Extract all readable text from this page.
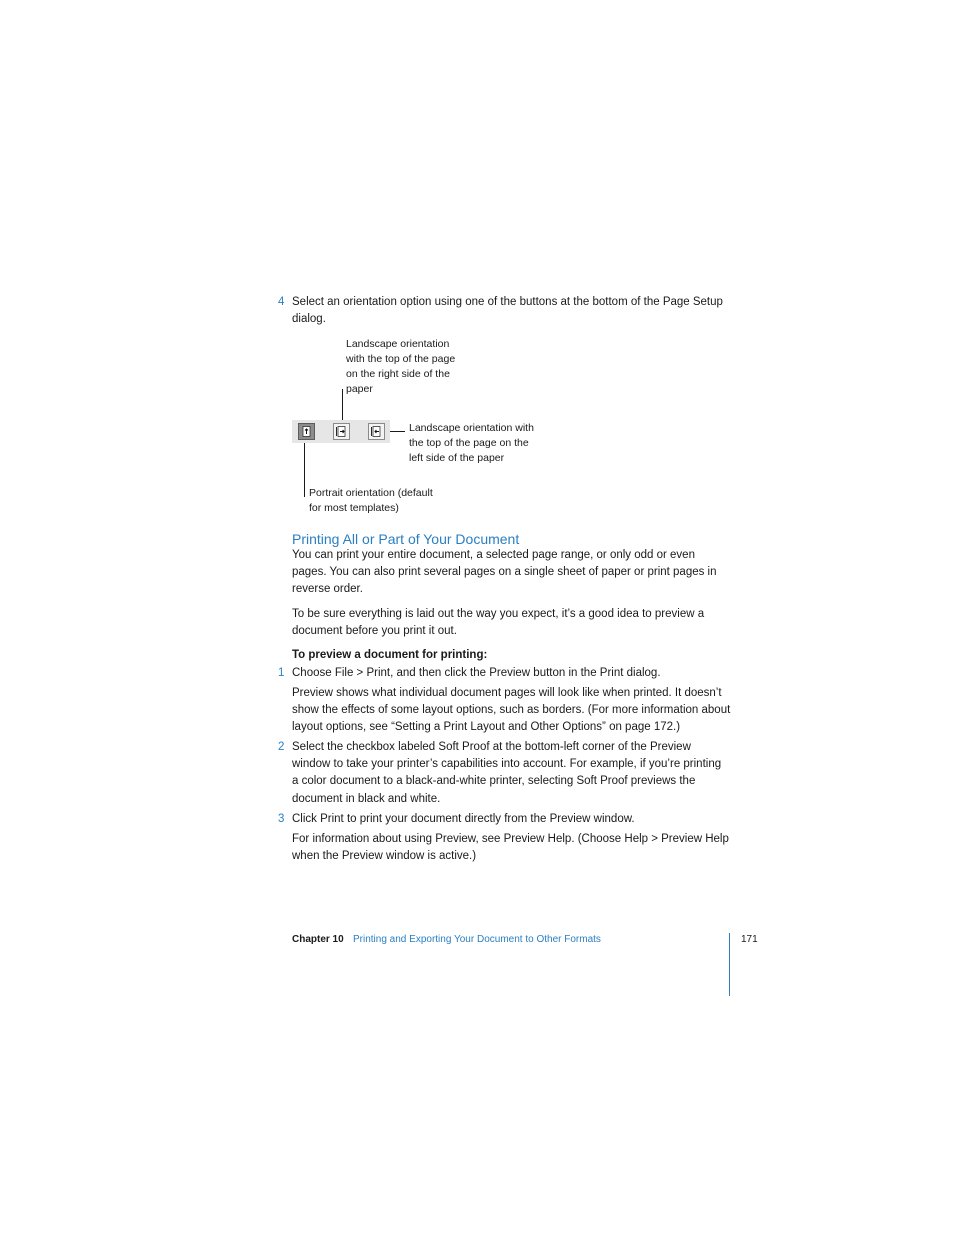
4 Select an orientation option using one of the buttons at the bottom of the Page Setup
dialog.
Landscape orientation
with the top of the page
on the right side of the
paper
Landscape orientation with
the top of the page on the
left side of the paper
Portrait orientation (default
for most templates)
Printing All or Part of Your Document
You can print your entire document, a selected page range, or only odd or even
pages. You can also print several pages on a single sheet of paper or print pages in
reverse order.
To be sure everything is laid out the way you expect, it’s a good idea to preview a
document before you print it out.
To preview a document for printing:
1 Choose File > Print, and then click the Preview button in the Print dialog.
Preview shows what individual document pages will look like when printed. It doesn’t
show the effects of some layout options, such as borders. (For more information about
layout options, see “Setting a Print Layout and Other Options” on page 172.)
2 Select the checkbox labeled Soft Proof at the bottom-left corner of the Preview
window to take your printer’s capabilities into account. For example, if you’re printing
a color document to a black-and-white printer, selecting Soft Proof previews the
document in black and white.
3 Click Print to print your document directly from the Preview window.
For information about using Preview, see Preview Help. (Choose Help > Preview Help
when the Preview window is active.)
Chapter 10 Printing and Exporting Your Document to Other Formats	171
